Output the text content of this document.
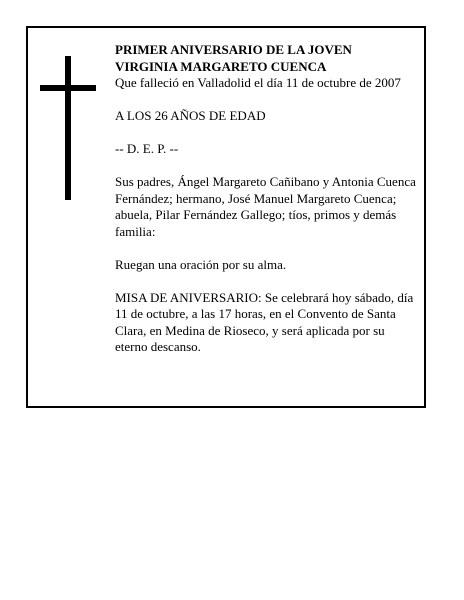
PRIMER ANIVERSARIO DE LA JOVEN

VIRGINIA MARGARETO CUENCA

Que falleció en Valladolid el día 11 de octubre de 2007

A LOS 26 AÑOS DE EDAD

-- D. E. P. --

Sus padres, Ángel Margareto Cañibano y Antonia Cuenca Fernández; hermano, José Manuel Margareto Cuenca; abuela, Pilar Fernández Gallego; tíos, primos y demás familia:

Ruegan una oración por su alma.

MISA DE ANIVERSARIO: Se celebrará hoy sábado, día 11 de octubre, a las 17 horas, en el Convento de Santa Clara, en Medina de Rioseco, y será aplicada por su eterno descanso.
